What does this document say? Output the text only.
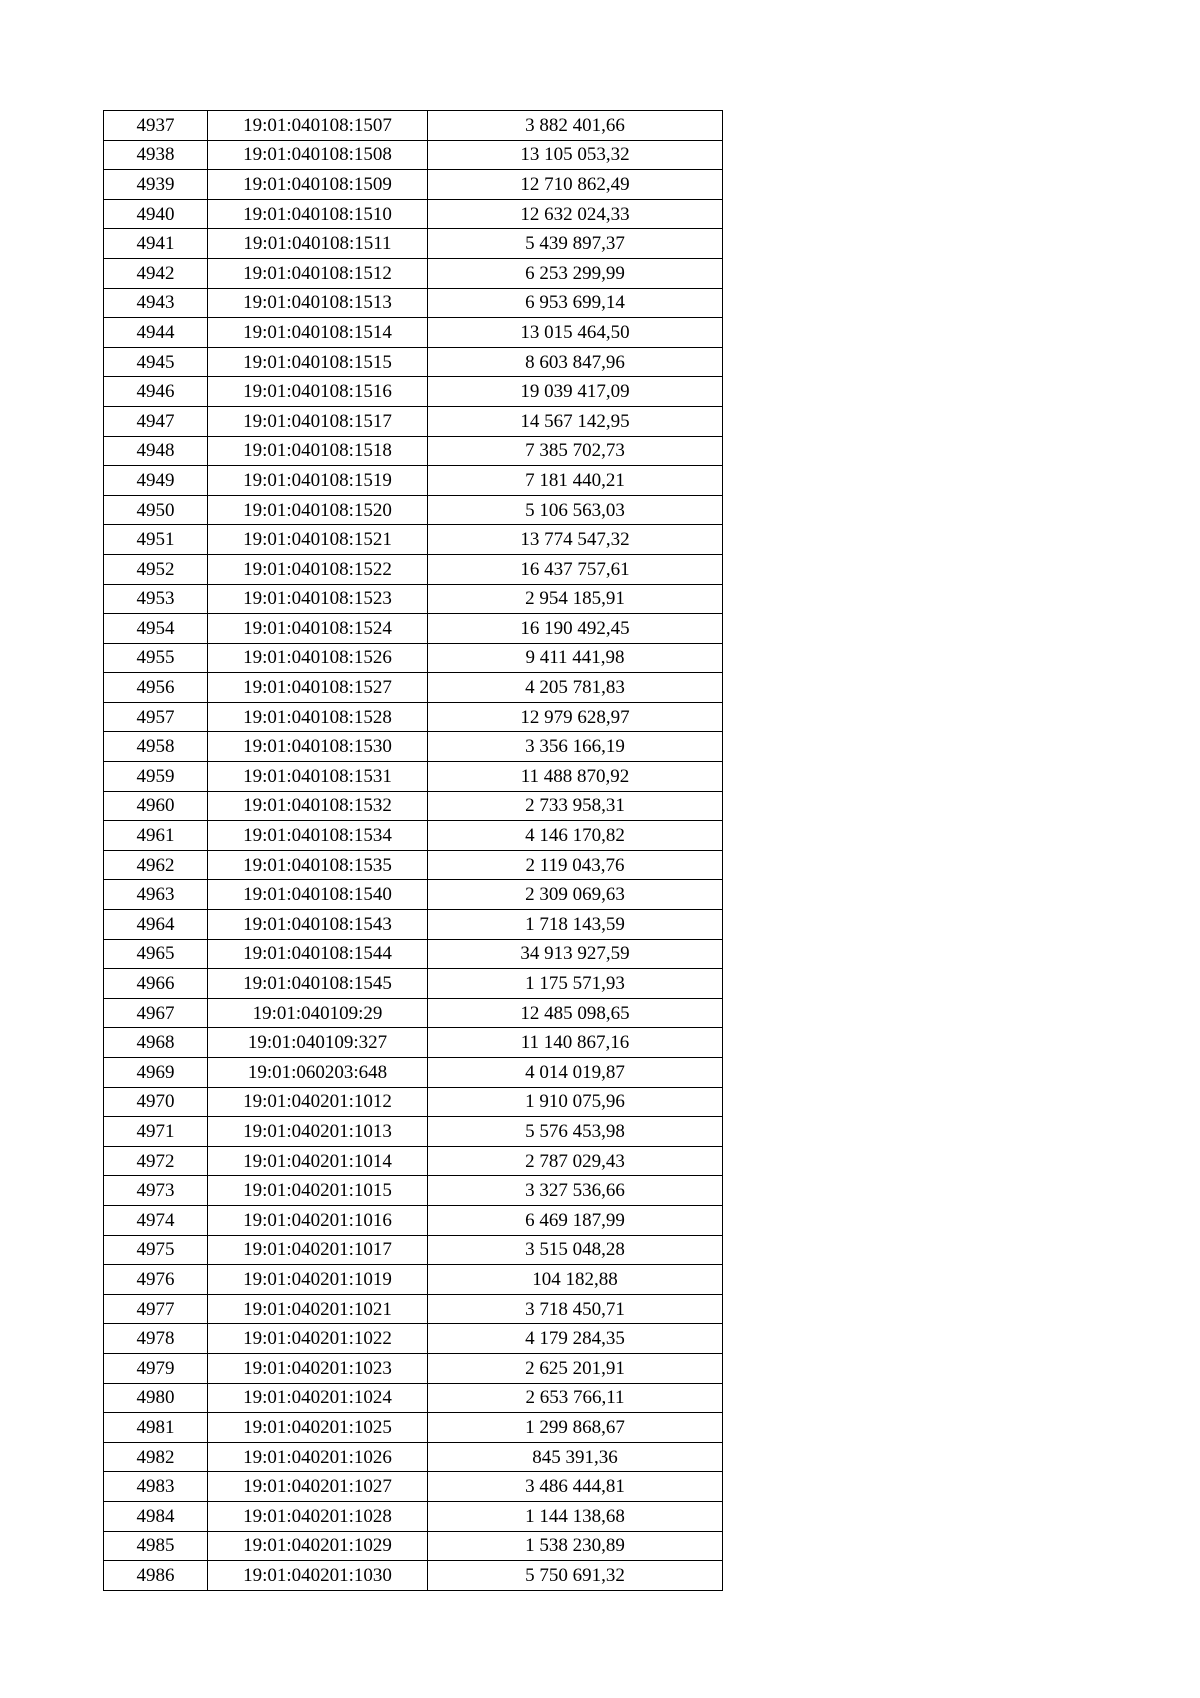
4937	19:01:040108:1507	3 882 401,66
4938	19:01:040108:1508	13 105 053,32
4939	19:01:040108:1509	12 710 862,49
4940	19:01:040108:1510	12 632 024,33
4941	19:01:040108:1511	5 439 897,37
4942	19:01:040108:1512	6 253 299,99
4943	19:01:040108:1513	6 953 699,14
4944	19:01:040108:1514	13 015 464,50
4945	19:01:040108:1515	8 603 847,96
4946	19:01:040108:1516	19 039 417,09
4947	19:01:040108:1517	14 567 142,95
4948	19:01:040108:1518	7 385 702,73
4949	19:01:040108:1519	7 181 440,21
4950	19:01:040108:1520	5 106 563,03
4951	19:01:040108:1521	13 774 547,32
4952	19:01:040108:1522	16 437 757,61
4953	19:01:040108:1523	2 954 185,91
4954	19:01:040108:1524	16 190 492,45
4955	19:01:040108:1526	9 411 441,98
4956	19:01:040108:1527	4 205 781,83
4957	19:01:040108:1528	12 979 628,97
4958	19:01:040108:1530	3 356 166,19
4959	19:01:040108:1531	11 488 870,92
4960	19:01:040108:1532	2 733 958,31
4961	19:01:040108:1534	4 146 170,82
4962	19:01:040108:1535	2 119 043,76
4963	19:01:040108:1540	2 309 069,63
4964	19:01:040108:1543	1 718 143,59
4965	19:01:040108:1544	34 913 927,59
4966	19:01:040108:1545	1 175 571,93
4967	19:01:040109:29	12 485 098,65
4968	19:01:040109:327	11 140 867,16
4969	19:01:060203:648	4 014 019,87
4970	19:01:040201:1012	1 910 075,96
4971	19:01:040201:1013	5 576 453,98
4972	19:01:040201:1014	2 787 029,43
4973	19:01:040201:1015	3 327 536,66
4974	19:01:040201:1016	6 469 187,99
4975	19:01:040201:1017	3 515 048,28
4976	19:01:040201:1019	104 182,88
4977	19:01:040201:1021	3 718 450,71
4978	19:01:040201:1022	4 179 284,35
4979	19:01:040201:1023	2 625 201,91
4980	19:01:040201:1024	2 653 766,11
4981	19:01:040201:1025	1 299 868,67
4982	19:01:040201:1026	845 391,36
4983	19:01:040201:1027	3 486 444,81
4984	19:01:040201:1028	1 144 138,68
4985	19:01:040201:1029	1 538 230,89
4986	19:01:040201:1030	5 750 691,32
